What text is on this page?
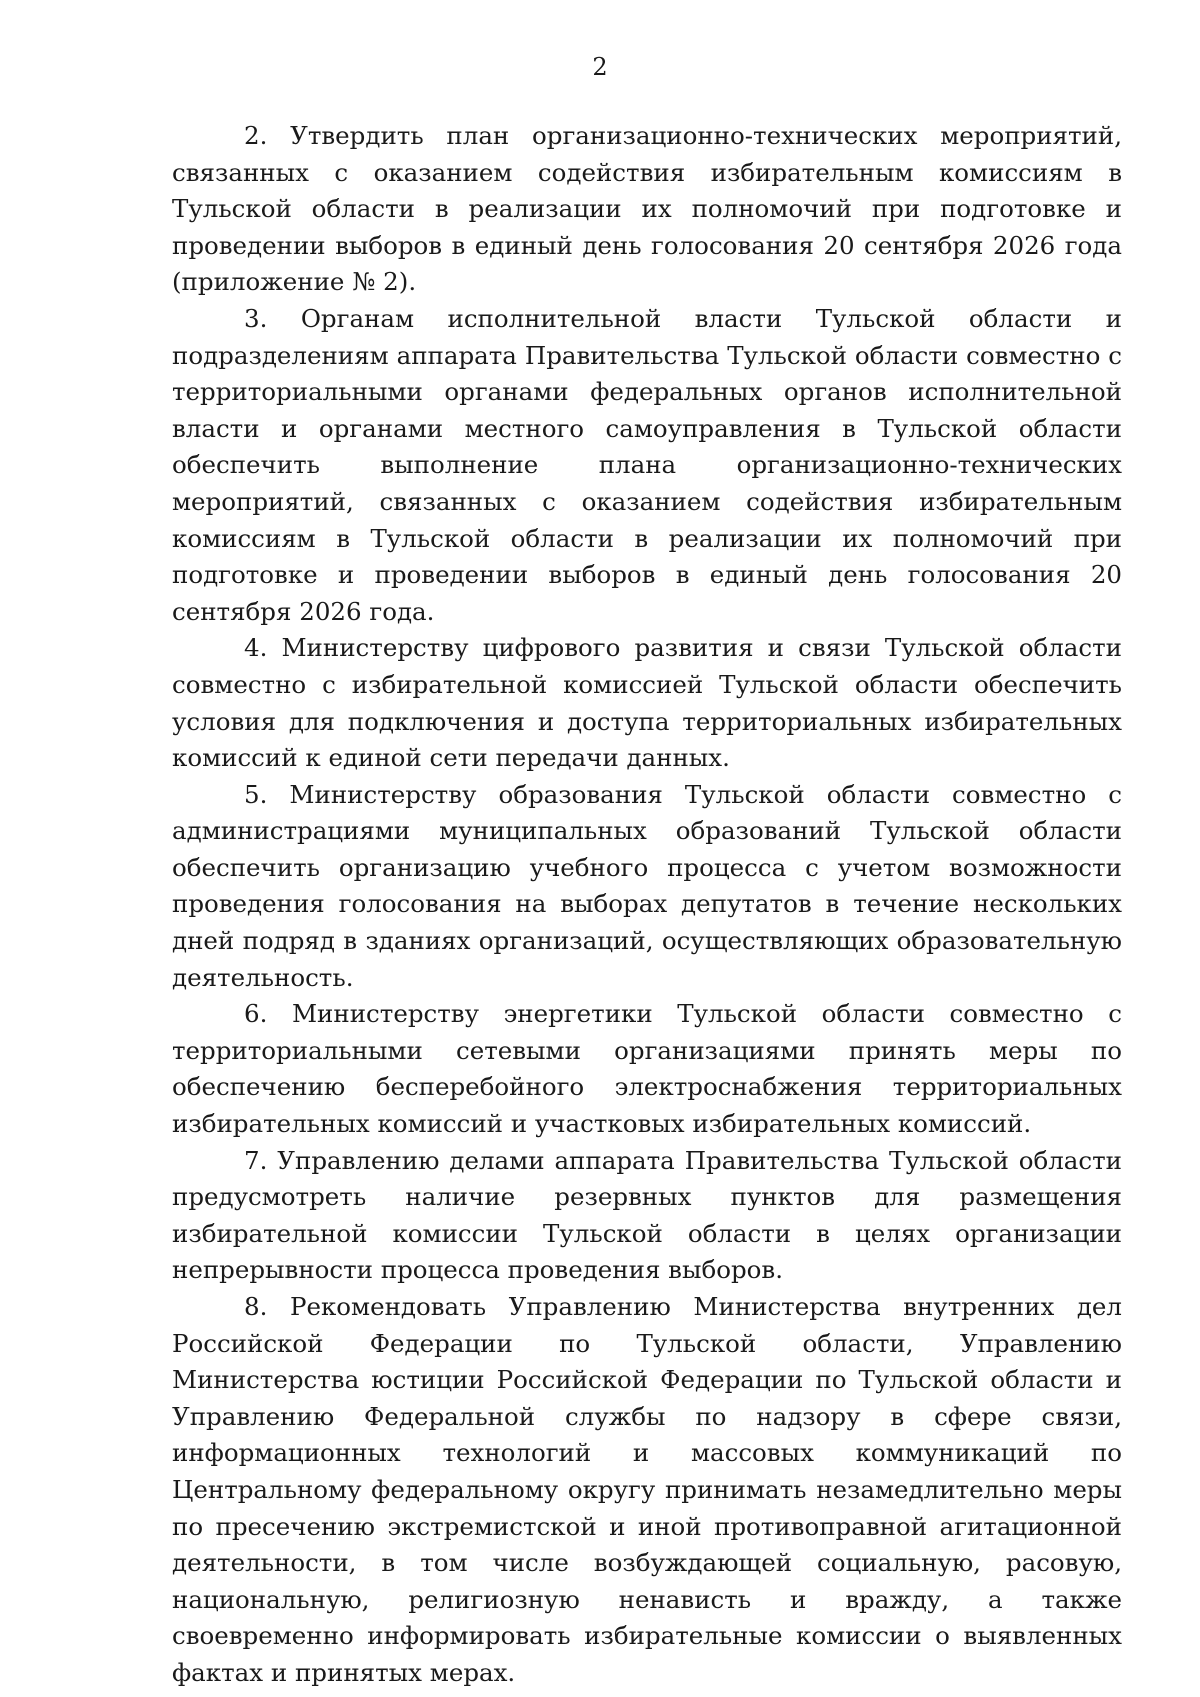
2

2. Утвердить план организационно-технических мероприятий, связанных с оказанием содействия избирательным комиссиям в Тульской области в реализации их полномочий при подготовке и проведении выборов в единый день голосования 20 сентября 2026 года (приложение № 2).

3. Органам исполнительной власти Тульской области и подразделениям аппарата Правительства Тульской области совместно с территориальными органами федеральных органов исполнительной власти и органами местного самоуправления в Тульской области обеспечить выполнение плана организационно-технических мероприятий, связанных с оказанием содействия избирательным комиссиям в Тульской области в реализации их полномочий при подготовке и проведении выборов в единый день голосования 20 сентября 2026 года.

4. Министерству цифрового развития и связи Тульской области совместно с избирательной комиссией Тульской области обеспечить условия для подключения и доступа территориальных избирательных комиссий к единой сети передачи данных.

5. Министерству образования Тульской области совместно с администрациями муниципальных образований Тульской области обеспечить организацию учебного процесса с учетом возможности проведения голосования на выборах депутатов в течение нескольких дней подряд в зданиях организаций, осуществляющих образовательную деятельность.

6. Министерству энергетики Тульской области совместно с территориальными сетевыми организациями принять меры по обеспечению бесперебойного электроснабжения территориальных избирательных комиссий и участковых избирательных комиссий.

7. Управлению делами аппарата Правительства Тульской области предусмотреть наличие резервных пунктов для размещения избирательной комиссии Тульской области в целях организации непрерывности процесса проведения выборов.

8. Рекомендовать Управлению Министерства внутренних дел Российской Федерации по Тульской области, Управлению Министерства юстиции Российской Федерации по Тульской области и Управлению Федеральной службы по надзору в сфере связи, информационных технологий и массовых коммуникаций по Центральному федеральному округу принимать незамедлительно меры по пресечению экстремистской и иной противоправной агитационной деятельности, в том числе возбуждающей социальную, расовую, национальную, религиозную ненависть и вражду, а также своевременно информировать избирательные комиссии о выявленных фактах и принятых мерах.
